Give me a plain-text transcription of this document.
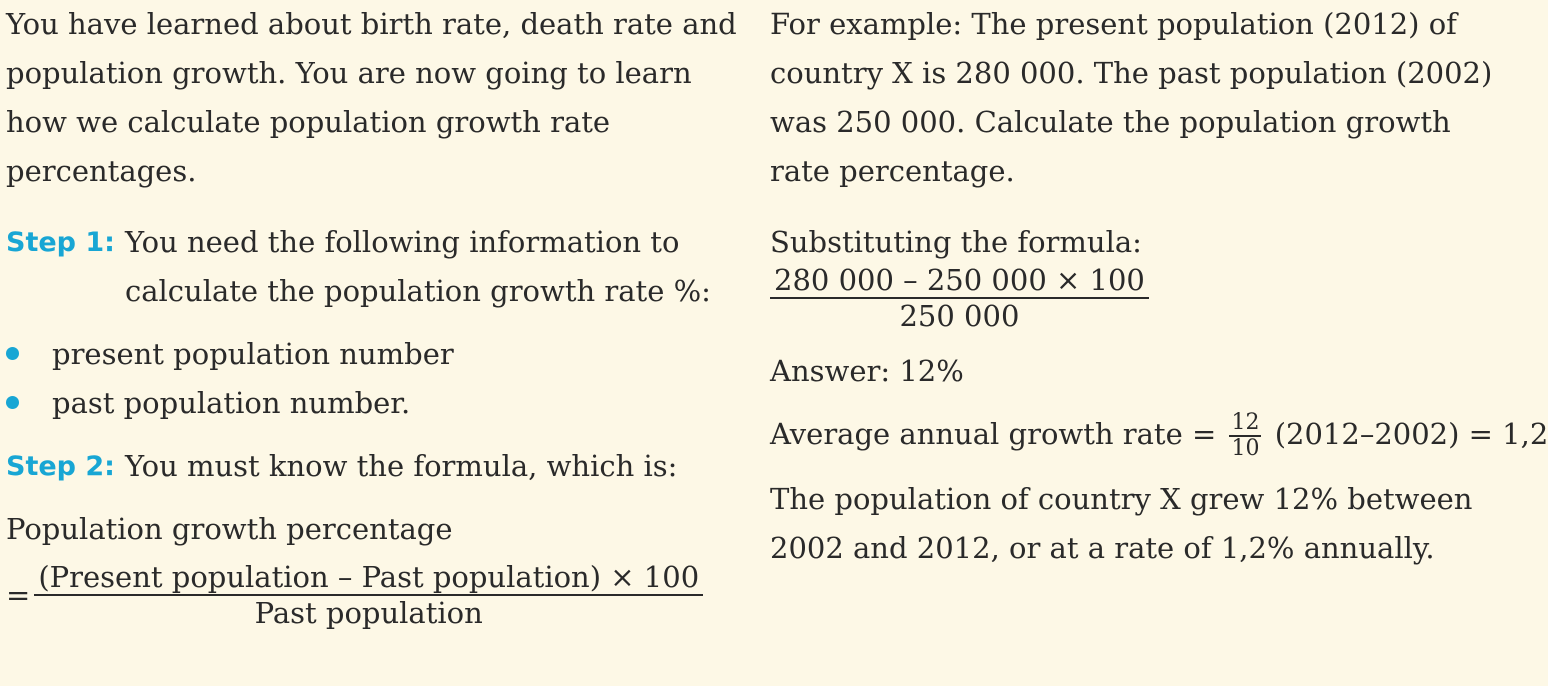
You have learned about birth rate, death rate and population growth. You are now going to learn how we calculate population growth rate percentages.

Step 1: You need the following information to calculate the population growth rate %:
present population number
past population number.
Step 2: You must know the formula, which is:

Population growth percentage

= $\frac{\text{(Present population – Past population) × 100}}{\text{Past population}}$

For example: The present population (2012) of country X is 280 000. The past population (2002) was 250 000. Calculate the population growth rate percentage.

Substituting the formula:

$\frac{280 000 - 250 000 \times 100}{250 000}$

Answer: 12%

Average annual growth rate = $\frac{12}{10} (2012-2002) = 1,2$

The population of country X grew 12% between 2002 and 2012, or at a rate of 1,2% annually.
